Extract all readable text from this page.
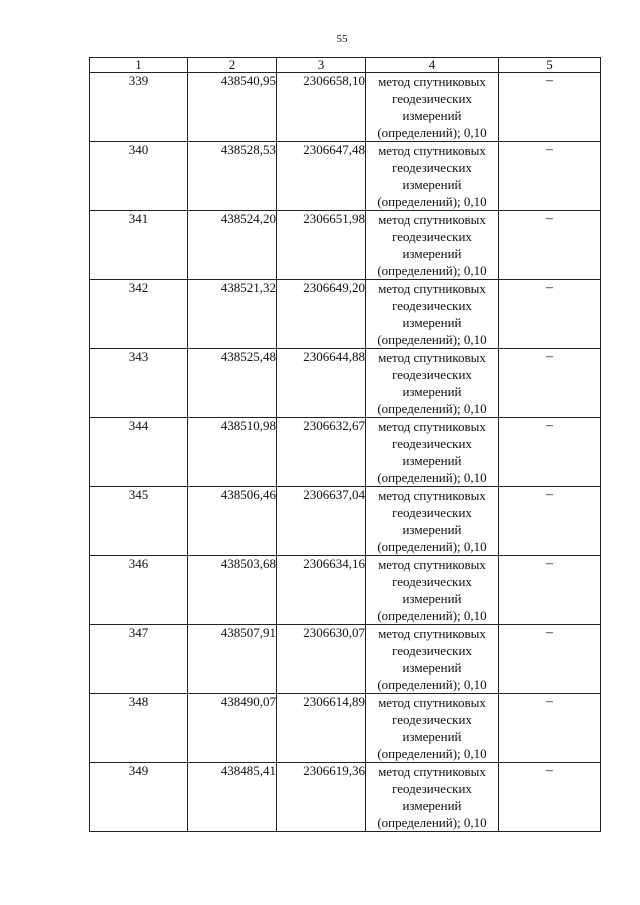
55
1	2	3	4	5
339	438540,95	2306658,10	метод спутниковых
геодезических
измерений
(определений); 0,10	–
340	438528,53	2306647,48	метод спутниковых
геодезических
измерений
(определений); 0,10	–
341	438524,20	2306651,98	метод спутниковых
геодезических
измерений
(определений); 0,10	–
342	438521,32	2306649,20	метод спутниковых
геодезических
измерений
(определений); 0,10	–
343	438525,48	2306644,88	метод спутниковых
геодезических
измерений
(определений); 0,10	–
344	438510,98	2306632,67	метод спутниковых
геодезических
измерений
(определений); 0,10	–
345	438506,46	2306637,04	метод спутниковых
геодезических
измерений
(определений); 0,10	–
346	438503,68	2306634,16	метод спутниковых
геодезических
измерений
(определений); 0,10	–
347	438507,91	2306630,07	метод спутниковых
геодезических
измерений
(определений); 0,10	–
348	438490,07	2306614,89	метод спутниковых
геодезических
измерений
(определений); 0,10	–
349	438485,41	2306619,36	метод спутниковых
геодезических
измерений
(определений); 0,10	–
